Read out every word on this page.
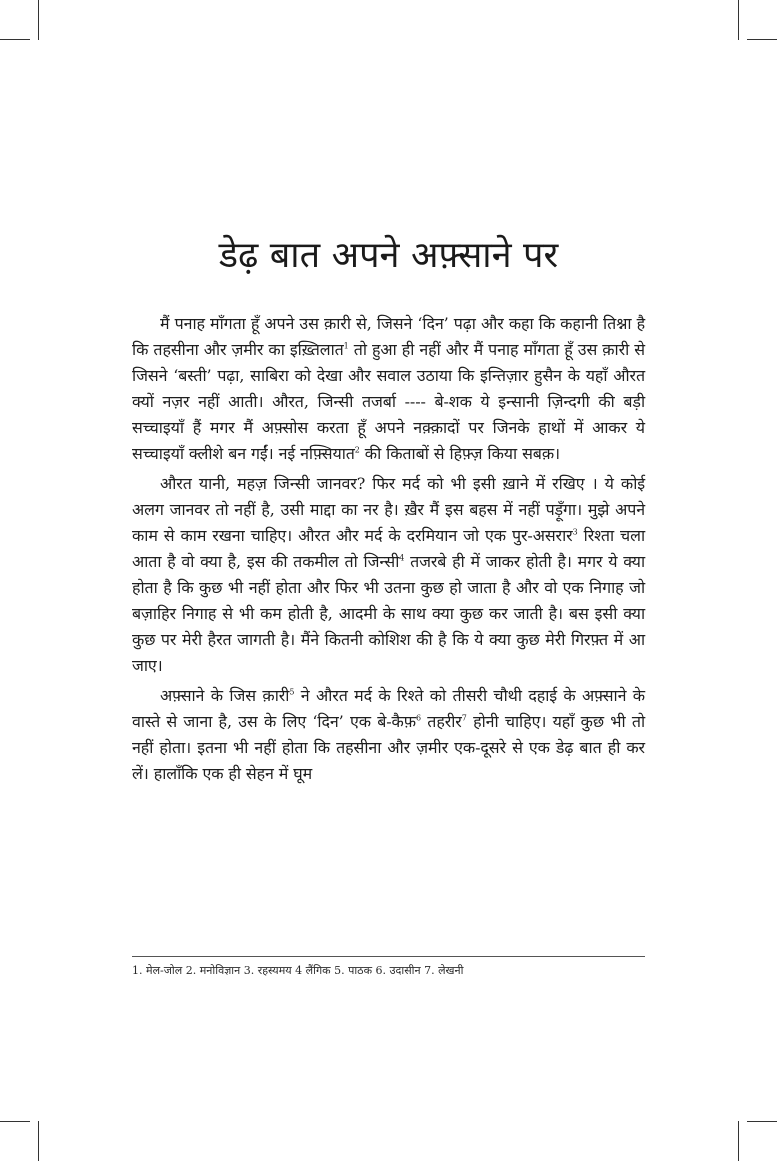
डेढ़ बात अपने अफ़्साने पर

मैं पनाह माँगता हूँ अपने उस क़ारी से, जिसने ‘दिन’ पढ़ा और कहा कि कहानी तिश्ना है कि तहसीना और ज़मीर का इख़्तिलात$^1$ तो हुआ ही नहीं और मैं पनाह माँगता हूँ उस क़ारी से जिसने ‘बस्ती’ पढ़ा, साबिरा को देखा और सवाल उठाया कि इन्तिज़ार हुसैन के यहाँ औरत क्यों नज़र नहीं आती। औरत, जिन्सी तजर्बा ---- बे-शक ये इन्सानी ज़िन्दगी की बड़ी सच्चाइयाँ हैं मगर मैं अफ़्सोस करता हूँ अपने नक़्क़ादों पर जिनके हाथों में आकर ये सच्चाइयाँ क्लीशे बन गईं। नई नफ़्सियात$^2$ की किताबों से हिफ़्ज़ किया सबक़।

औरत यानी, महज़ जिन्सी जानवर? फिर मर्द को भी इसी ख़ाने में रखिए । ये कोई अलग जानवर तो नहीं है, उसी माद्दा का नर है। ख़ैर मैं इस बहस में नहीं पड़ूँगा। मुझे अपने काम से काम रखना चाहिए। औरत और मर्द के दरमियान जो एक पुर-असरार$^3$ रिश्ता चला आता है वो क्या है, इस की तकमील तो जिन्सी$^4$ तजरबे ही में जाकर होती है। मगर ये क्या होता है कि कुछ भी नहीं होता और फिर भी उतना कुछ हो जाता है और वो एक निगाह जो बज़ाहिर निगाह से भी कम होती है, आदमी के साथ क्या कुछ कर जाती है। बस इसी क्या कुछ पर मेरी हैरत जागती है। मैंने कितनी कोशिश की है कि ये क्या कुछ मेरी गिरफ़्त में आ जाए।

अफ़्साने के जिस क़ारी$^5$ ने औरत मर्द के रिश्ते को तीसरी चौथी दहाई के अफ़्साने के वास्ते से जाना है, उस के लिए ‘दिन’ एक बे-कैफ़$^6$ तहरीर$^7$ होनी चाहिए। यहाँ कुछ भी तो नहीं होता। इतना भी नहीं होता कि तहसीना और ज़मीर एक-दूसरे से एक डेढ़ बात ही कर लें। हालाँकि एक ही सेहन में घूम

1. मेल-जोल 2. मनोविज्ञान 3. रहस्यमय 4 लैंगिक 5. पाठक 6. उदासीन 7. लेखनी
